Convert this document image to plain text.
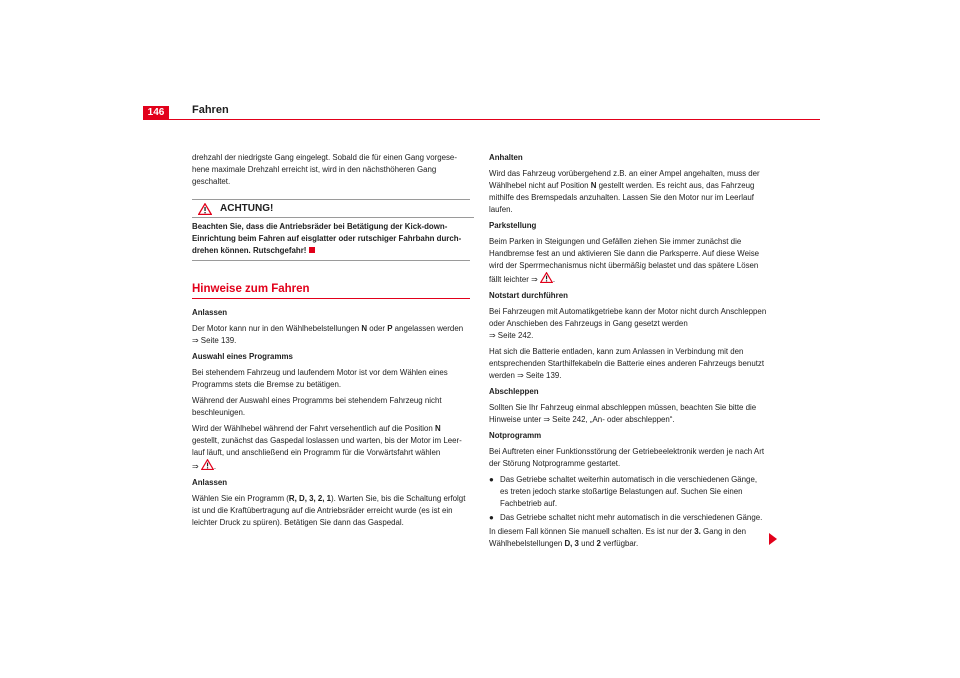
146	Fahren

drehzahl der niedrigste Gang eingelegt. Sobald die für einen Gang vorgesehene maximale Drehzahl erreicht ist, wird in den nächsthöheren Gang geschaltet.

ACHTUNG!
Beachten Sie, dass die Antriebsräder bei Betätigung der Kick-down-Einrichtung beim Fahren auf eisglatter oder rutschiger Fahrbahn durchdrehen können. Rutschgefahr!
Hinweise zum Fahren

Anlassen

Der Motor kann nur in den Wählhebelstellungen N oder P angelassen werden
⇒ Seite 139.

Auswahl eines Programms

Bei stehendem Fahrzeug und laufendem Motor ist vor dem Wählen eines Programms stets die Bremse zu betätigen.

Während der Auswahl eines Programms bei stehendem Fahrzeug nicht beschleunigen.

Wird der Wählhebel während der Fahrt versehentlich auf die Position N gestellt, zunächst das Gaspedal loslassen und warten, bis der Motor im Leerlauf läuft, und anschließend ein Programm für die Vorwärtsfahrt wählen
⇒ .

Anlassen

Wählen Sie ein Programm (R, D, 3, 2, 1). Warten Sie, bis die Schaltung erfolgt ist und die Kraftübertragung auf die Antriebsräder erreicht wurde (es ist ein leichter Druck zu spüren). Betätigen Sie dann das Gaspedal.

Anhalten

Wird das Fahrzeug vorübergehend z.B. an einer Ampel angehalten, muss der Wählhebel nicht auf Position N gestellt werden. Es reicht aus, das Fahrzeug mithilfe des Bremspedals anzuhalten. Lassen Sie den Motor nur im Leerlauf laufen.

Parkstellung

Beim Parken in Steigungen und Gefällen ziehen Sie immer zunächst die Handbremse fest an und aktivieren Sie dann die Parksperre. Auf diese Weise wird der Sperrmechanismus nicht übermäßig belastet und das spätere Lösen fällt leichter ⇒ .

Notstart durchführen

Bei Fahrzeugen mit Automatikgetriebe kann der Motor nicht durch Anschleppen oder Anschieben des Fahrzeugs in Gang gesetzt werden
⇒ Seite 242.

Hat sich die Batterie entladen, kann zum Anlassen in Verbindung mit den entsprechenden Starthilfekabeln die Batterie eines anderen Fahrzeugs benutzt werden ⇒ Seite 139.

Abschleppen

Sollten Sie Ihr Fahrzeug einmal abschleppen müssen, beachten Sie bitte die Hinweise unter ⇒ Seite 242, „An- oder abschleppen“.

Notprogramm

Bei Auftreten einer Funktionsstörung der Getriebeelektronik werden je nach Art der Störung Notprogramme gestartet.

● Das Getriebe schaltet weiterhin automatisch in die verschiedenen Gänge, es treten jedoch starke stoßartige Belastungen auf. Suchen Sie einen Fachbetrieb auf.
● Das Getriebe schaltet nicht mehr automatisch in die verschiedenen Gänge.

In diesem Fall können Sie manuell schalten. Es ist nur der 3. Gang in den Wählhebelstellungen D, 3 und 2 verfügbar.
